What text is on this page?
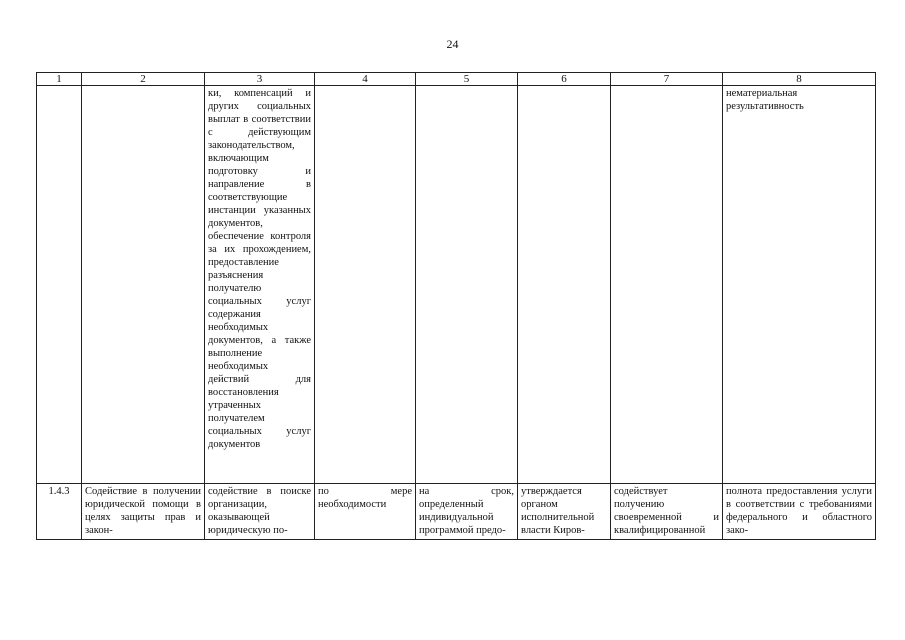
24
1	2	3	4	5	6	7	8
		ки, компенсаций и других социальных выплат в соответствии с действующим законодательством, включающим подготовку и направление в соответствующие инстанции указанных документов, обеспечение контроля за их прохождением, предоставление разъяснения получателю социальных услуг содержания необходимых документов, а также выполнение необходимых действий для восстановления утраченных получателем социальных услуг документов					нематериальная результативность
1.4.3	Содействие в получении юридической помощи в целях защиты прав и закон-	содействие в поиске организации, оказывающей юридическую по-	по мере необходимости	на срок, определенный индивидуальной программой предо-	утверждается органом исполнительной власти Киров-	содействует получению своевременной и квалифицированной	полнота предоставления услуги в соответствии с требованиями федерального и областного зако-
